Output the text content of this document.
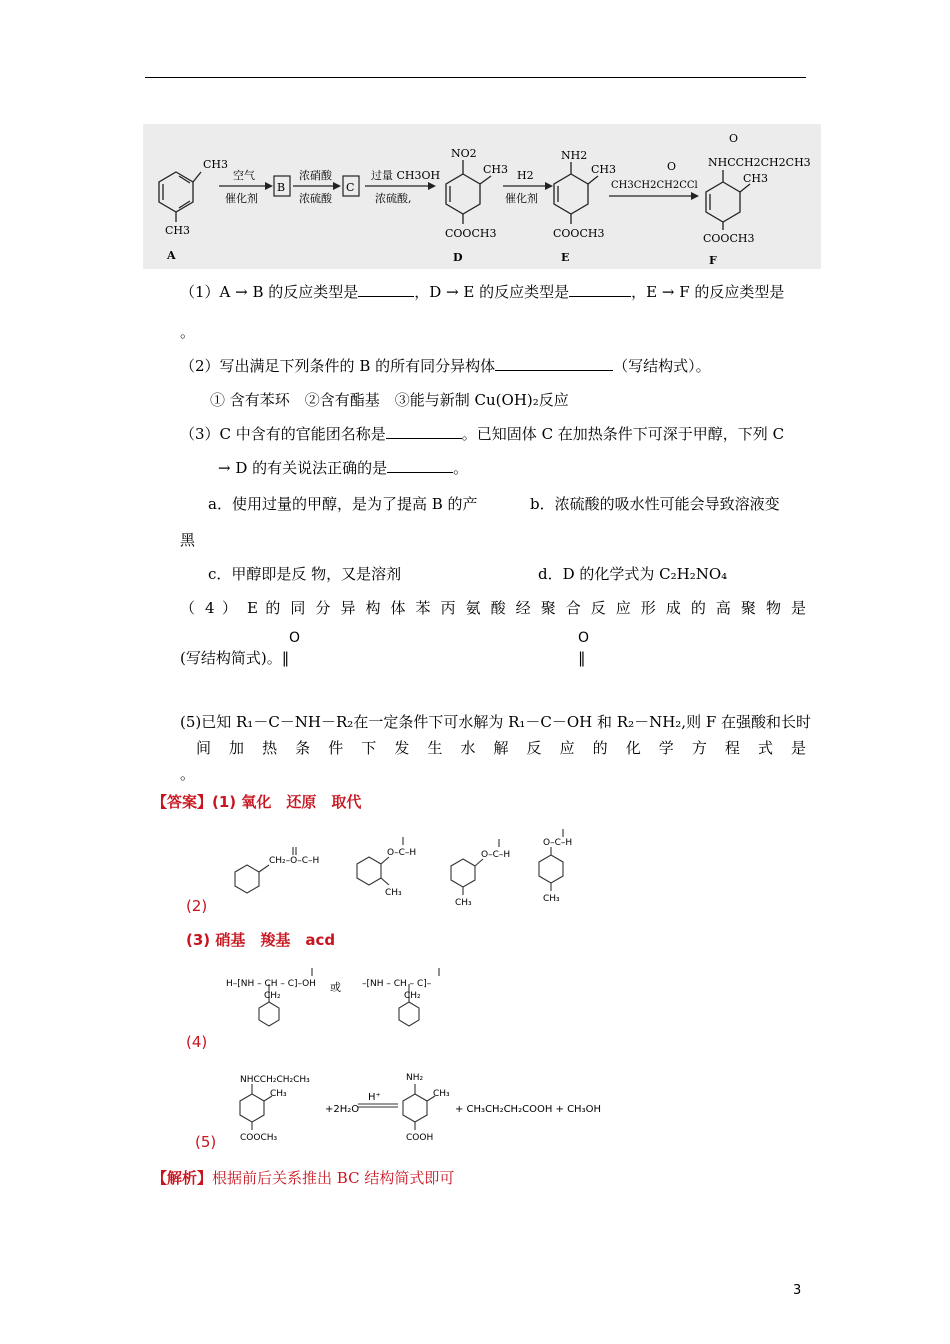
CH3
CH3
A
空气
催化剂
B
浓硝酸
浓硫酸
C
过量 CH3OH
浓硫酸,
NO2
CH3
COOCH3
D
H2
催化剂
NH2
CH3
COOCH3
E
O
CH3CH2CH2CCl
O
NHCCH2CH2CH3
CH3
COOCH3
F
（1）A → B 的反应类型是	，D → E 的反应类型是	，E → F 的反应类型是
。
（2）写出满足下列条件的 B 的所有同分异构体	（写结构式）。
① 含有苯环　②含有酯基　③能与新制 Cu(OH)₂反应
（3）C 中含有的官能团名称是	。已知固体 C 在加热条件下可深于甲醇，下列 C
→ D 的有关说法正确的是	。
a．使用过量的甲醇，是为了提高 B 的产	b．浓硫酸的吸水性可能会导致溶液变
黑
c．甲醇即是反 物，又是溶剂	d．D 的化学式为 C₂H₂NO₄
（ 4 ） E 的 同 分 异 构 体 苯 丙 氨 酸 经 聚 合 反 应 形 成 的 高 聚 物 是
O	O
(写结构简式)。‖	‖
(5)已知 R₁－C－NH－R₂在一定条件下可水解为 R₁－C－OH 和 R₂－NH₂,则 F 在强酸和长时
间 加 热 条 件 下 发 生 水 解 反 应 的 化 学 方 程 式 是
。
【答案】(1) 氧化　还原　取代
CH₂–O–C–H
O–C–H
CH₃
O–C–H
CH₃
O–C–H
CH₃
(2)
(3) 硝基　羧基　acd
H–[NH – CH – C]–OH
CH₂
–[NH – CH – C]–
CH₂
或
(4)
NHCCH₂CH₂CH₃
CH₃
COOCH₃
NH₂
CH₃
COOH
+2H₂O
H⁺
+ CH₃CH₂CH₂COOH + CH₃OH
(5)
【解析】根据前后关系推出 BC 结构简式即可
3
